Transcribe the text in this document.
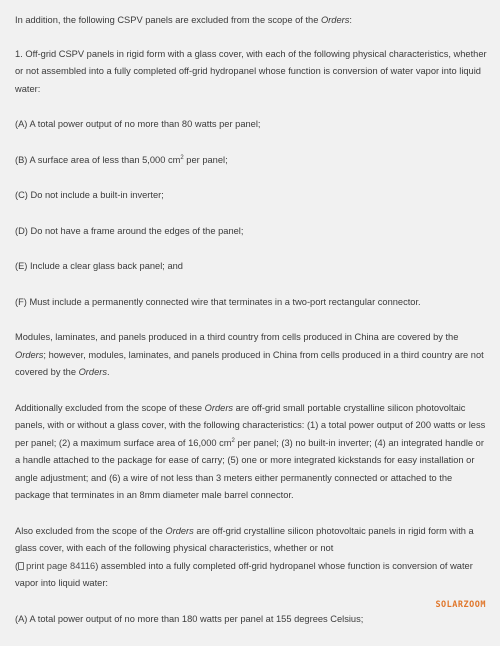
In addition, the following CSPV panels are excluded from the scope of the Orders:

1. Off-grid CSPV panels in rigid form with a glass cover, with each of the following physical characteristics, whether or not assembled into a fully completed off-grid hydropanel whose function is conversion of water vapor into liquid water:

(A) A total power output of no more than 80 watts per panel;

(B) A surface area of less than 5,000 $cm^2$ per panel;

(C) Do not include a built-in inverter;

(D) Do not have a frame around the edges of the panel;

(E) Include a clear glass back panel; and

(F) Must include a permanently connected wire that terminates in a two-port rectangular connector.

Modules, laminates, and panels produced in a third country from cells produced in China are covered by the Orders; however, modules, laminates, and panels produced in China from cells produced in a third country are not covered by the Orders.

Additionally excluded from the scope of these Orders are off-grid small portable crystalline silicon photovoltaic panels, with or without a glass cover, with the following characteristics: (1) a total power output of 200 watts or less per panel; (2) a maximum surface area of 16,000 $cm^2$ per panel; (3) no built-in inverter; (4) an integrated handle or a handle attached to the package for ease of carry; (5) one or more integrated kickstands for easy installation or angle adjustment; and (6) a wire of not less than 3 meters either permanently connected or attached to the package that terminates in an 8mm diameter male barrel connector.

Also excluded from the scope of the Orders are off-grid crystalline silicon photovoltaic panels in rigid form with a glass cover, with each of the following physical characteristics, whether or not
( print page 84116) assembled into a fully completed off-grid hydropanel whose function is conversion of water vapor into liquid water:

(A) A total power output of no more than 180 watts per panel at 155 degrees Celsius;

SOLARZOOM
